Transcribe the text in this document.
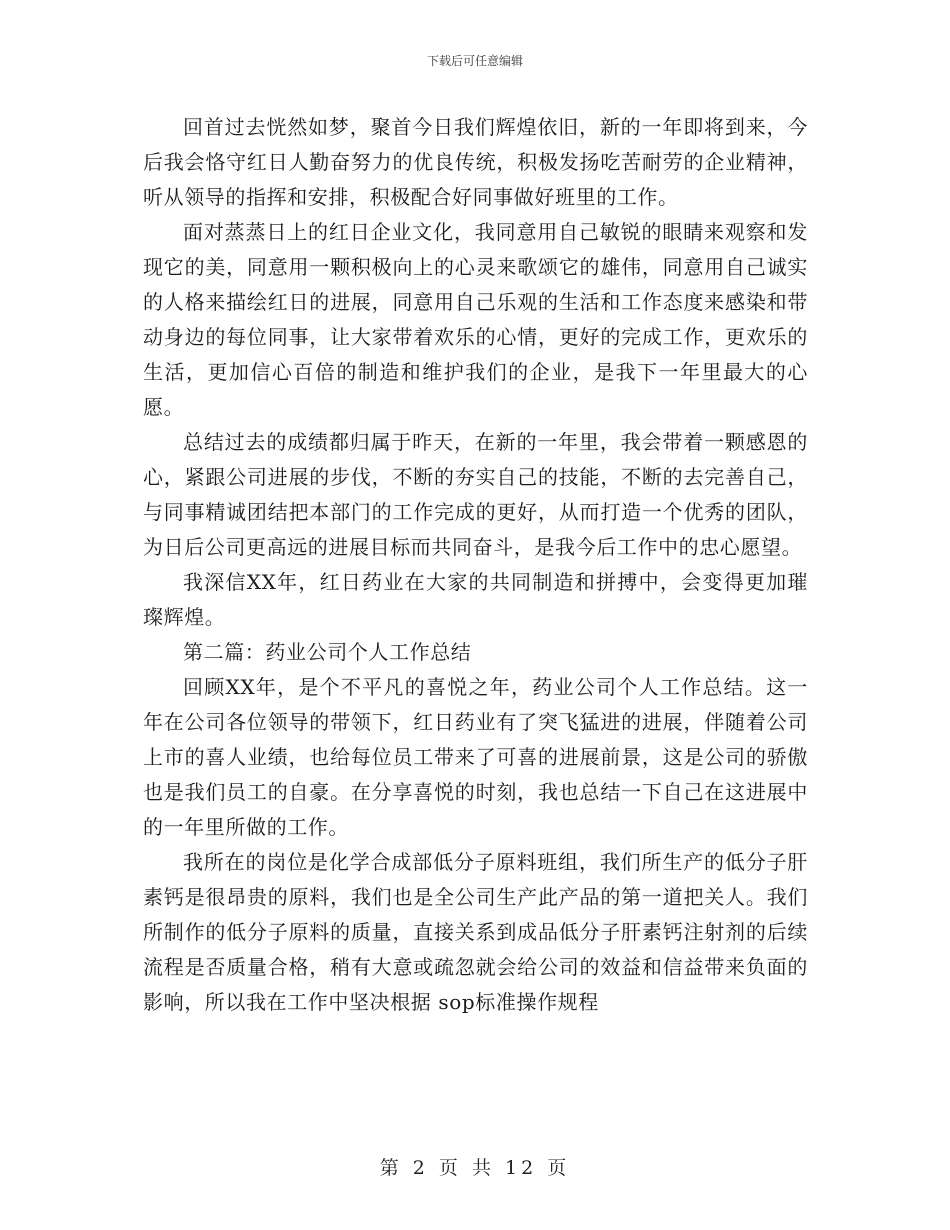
下载后可任意编辑

回首过去恍然如梦，聚首今日我们辉煌依旧，新的一年即将到来，今后我会恪守红日人勤奋努力的优良传统，积极发扬吃苦耐劳的企业精神，听从领导的指挥和安排，积极配合好同事做好班里的工作。

面对蒸蒸日上的红日企业文化，我同意用自己敏锐的眼睛来观察和发现它的美，同意用一颗积极向上的心灵来歌颂它的雄伟，同意用自己诚实的人格来描绘红日的进展，同意用自己乐观的生活和工作态度来感染和带动身边的每位同事，让大家带着欢乐的心情，更好的完成工作，更欢乐的生活，更加信心百倍的制造和维护我们的企业，是我下一年里最大的心愿。

总结过去的成绩都归属于昨天，在新的一年里，我会带着一颗感恩的心，紧跟公司进展的步伐，不断的夯实自己的技能，不断的去完善自己，与同事精诚团结把本部门的工作完成的更好，从而打造一个优秀的团队，为日后公司更高远的进展目标而共同奋斗，是我今后工作中的忠心愿望。

我深信XX年，红日药业在大家的共同制造和拼搏中，会变得更加璀璨辉煌。

第二篇：药业公司个人工作总结

回顾XX年，是个不平凡的喜悦之年，药业公司个人工作总结。这一年在公司各位领导的带领下，红日药业有了突飞猛进的进展，伴随着公司上市的喜人业绩，也给每位员工带来了可喜的进展前景，这是公司的骄傲也是我们员工的自豪。在分享喜悦的时刻，我也总结一下自己在这进展中的一年里所做的工作。

我所在的岗位是化学合成部低分子原料班组，我们所生产的低分子肝素钙是很昂贵的原料，我们也是全公司生产此产品的第一道把关人。我们所制作的低分子原料的质量，直接关系到成品低分子肝素钙注射剂的后续流程是否质量合格，稍有大意或疏忽就会给公司的效益和信益带来负面的影响，所以我在工作中坚决根据 sop标准操作规程

第 2 页 共 12 页
